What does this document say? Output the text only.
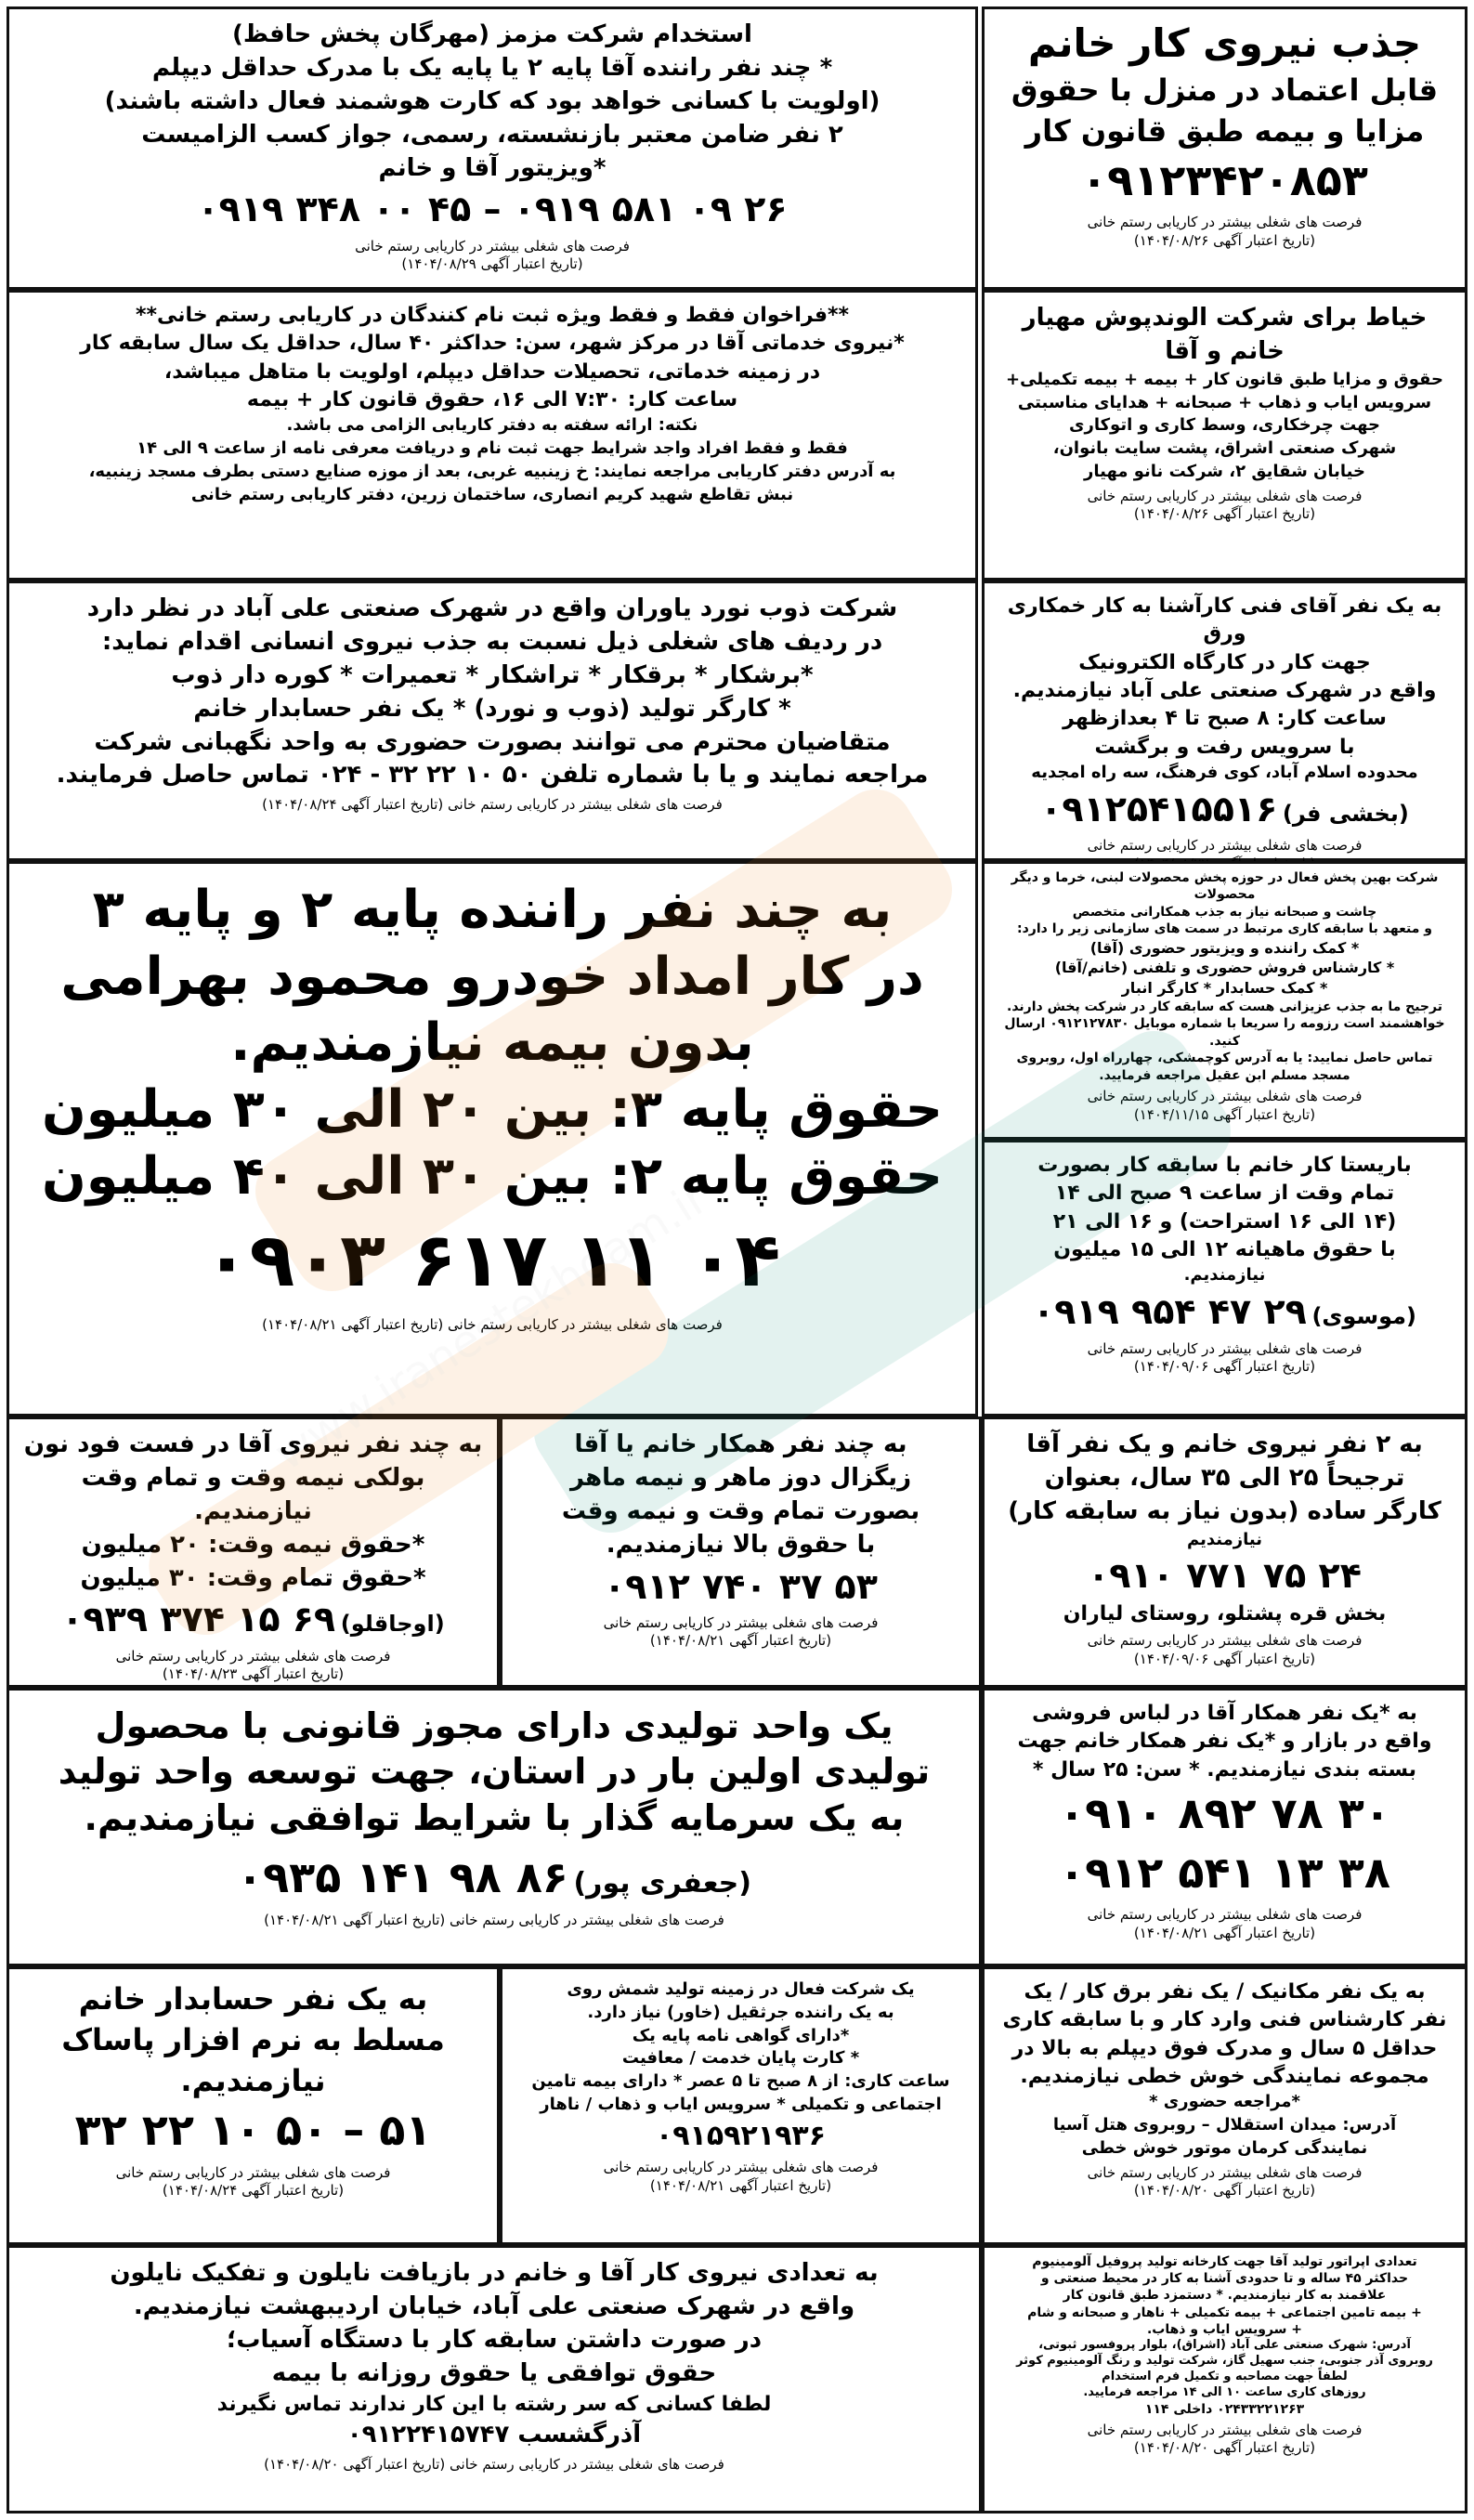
جذب نیروی کار خانم

قابل اعتماد در منزل با حقوق

مزایا و بیمه طبق قانون کار

۰۹۱۲۳۴۲۰۸۵۳

فرصت های شغلی بیشتر در کاریابی رستم خانی
(تاریخ اعتبار آگهی ۱۴۰۴/۰۸/۲۶)

استخدام شرکت مزمز (مهرگان پخش حافظ)

* چند نفر راننده آقا پایه ۲ یا پایه یک با مدرک حداقل دیپلم

(اولویت با کسانی خواهد بود که کارت هوشمند فعال داشته باشند)

۲ نفر ضامن معتبر بازنشسته، رسمی، جواز کسب الزامیست

*ویزیتور آقا و خانم

۰۹۱۹ ۳۴۸ ۰۰ ۴۵ – ۰۹۱۹ ۵۸۱ ۰۹ ۲۶

فرصت های شغلی بیشتر در کاریابی رستم خانی
(تاریخ اعتبار آگهی ۱۴۰۴/۰۸/۲۹)

خیاط برای شرکت الوندپوش مهیار

خانم و آقا

حقوق و مزایا طبق قانون کار + بیمه + بیمه تکمیلی+

سرویس ایاب و ذهاب + صبحانه + هدایای مناسبتی

جهت چرخکاری، وسط کاری و اتوکاری

شهرک صنعتی اشراق، پشت سایت بانوان،

خیابان شقایق ۲، شرکت نانو مهیار

فرصت های شغلی بیشتر در کاریابی رستم خانی
(تاریخ اعتبار آگهی ۱۴۰۴/۰۸/۲۶)

**فراخوان فقط و فقط ویژه ثبت نام کنندگان در کاریابی رستم خانی**

*نیروی خدماتی آقا در مرکز شهر، سن: حداکثر ۴۰ سال، حداقل یک سال سابقه کار

در زمینه خدماتی، تحصیلات حداقل دیپلم، اولویت با متاهل میباشد،

ساعت کار: ۷:۳۰ الی ۱۶، حقوق قانون کار + بیمه

نکته: ارائه سفته به دفتر کاریابی الزامی می باشد.

فقط و فقط افراد واجد شرایط جهت ثبت نام و دریافت معرفی نامه از ساعت ۹ الی ۱۴

به آدرس دفتر کاریابی مراجعه نمایند: خ زینبیه غربی، بعد از موزه صنایع دستی بطرف مسجد زینبیه،

نبش تقاطع شهید کریم انصاری، ساختمان زرین، دفتر کاریابی رستم خانی

به یک نفر آقای فنی کارآشنا به کار خمکاری ورق

جهت کار در کارگاه الکترونیک

واقع در شهرک صنعتی علی آباد نیازمندیم.

ساعت کار: ۸ صبح تا ۴ بعدازظهر

با سرویس رفت و برگشت

محدوده اسلام آباد، کوی فرهنگ، سه راه امجدیه

(بخشی فر) ۰۹۱۲۵۴۱۵۵۱۶

فرصت های شغلی بیشتر در کاریابی رستم خانی

شرکت ذوب نورد یاوران واقع در شهرک صنعتی علی آباد در نظر دارد

در ردیف های شغلی ذیل نسبت به جذب نیروی انسانی اقدام نماید:

*برشکار * برقکار * تراشکار * تعمیرات * کوره دار ذوب

* کارگر تولید (ذوب و نورد) * یک نفر حسابدار خانم

متقاضیان محترم می توانند بصورت حضوری به واحد نگهبانی شرکت

مراجعه نمایند و یا با شماره تلفن ۵۰ ۱۰ ۲۲ ۳۲ - ۰۲۴ تماس حاصل فرمایند.

فرصت های شغلی بیشتر در کاریابی رستم خانی (تاریخ اعتبار آگهی ۱۴۰۴/۰۸/۲۴)

شرکت بهین پخش فعال در حوزه پخش محصولات لبنی، خرما و دیگر محصولات

چاشت و صبحانه نیاز به جذب همکارانی متخصص

و متعهد با سابقه کاری مرتبط در سمت های سازمانی زیر را دارد:

* کمک راننده و ویزیتور حضوری (آقا)

* کارشناس فروش حضوری و تلفنی (خانم/آقا)

* کمک حسابدار * کارگر انبار

ترجیح ما به جذب عزیزانی هست که سابقه کار در شرکت پخش دارند.

خواهشمند است رزومه را سریعا با شماره موبایل ۰۹۱۲۱۲۷۸۳۰ ارسال کنید.

تماس حاصل نمایید: یا به آدرس کوچمشکی، چهارراه اول، روبروی

مسجد مسلم ابن عقیل مراجعه فرمایید.

فرصت های شغلی بیشتر در کاریابی رستم خانی
(تاریخ اعتبار آگهی ۱۴۰۴/۱۱/۱۵)

به چند نفر راننده پایه ۲ و پایه ۳

در کار امداد خودرو محمود بهرامی

بدون بیمه نیازمندیم.

حقوق پایه ۳: بین ۲۰ الی ۳۰ میلیون

حقوق پایه ۲: بین ۳۰ الی ۴۰ میلیون

۰۹۰۳ ۶۱۷ ۱۱ ۰۴

فرصت های شغلی بیشتر در کاریابی رستم خانی (تاریخ اعتبار آگهی ۱۴۰۴/۰۸/۲۱)

باریستا کار خانم با سابقه کار بصورت

تمام وقت از ساعت ۹ صبح الی ۱۴

(۱۴ الی ۱۶ استراحت) و ۱۶ الی ۲۱

با حقوق ماهیانه ۱۲ الی ۱۵ میلیون

نیازمندیم.

(موسوی) ۰۹۱۹ ۹۵۴ ۴۷ ۲۹

فرصت های شغلی بیشتر در کاریابی رستم خانی
(تاریخ اعتبار آگهی ۱۴۰۴/۰۹/۰۶)

به ۲ نفر نیروی خانم و یک نفر آقا

ترجیحاً ۲۵ الی ۳۵ سال، بعنوان

کارگر ساده (بدون نیاز به سابقه کار)

نیازمندیم

۰۹۱۰ ۷۷۱ ۷۵ ۲۴

بخش قره پشتلو، روستای لیاران

فرصت های شغلی بیشتر در کاریابی رستم خانی
(تاریخ اعتبار آگهی ۱۴۰۴/۰۹/۰۶)

به چند نفر همکار خانم یا آقا

زیگزال دوز ماهر و نیمه ماهر

بصورت تمام وقت و نیمه وقت

با حقوق بالا نیازمندیم.

۰۹۱۲ ۷۴۰ ۳۷ ۵۳

فرصت های شغلی بیشتر در کاریابی رستم خانی
(تاریخ اعتبار آگهی ۱۴۰۴/۰۸/۲۱)

به چند نفر نیروی آقا در فست فود نون

بولکی نیمه وقت و تمام وقت نیازمندیم.

*حقوق نیمه وقت: ۲۰ میلیون

*حقوق تمام وقت: ۳۰ میلیون

(اوجاقلو) ۰۹۳۹ ۳۷۴ ۱۵ ۶۹

فرصت های شغلی بیشتر در کاریابی رستم خانی
(تاریخ اعتبار آگهی ۱۴۰۴/۰۸/۲۳)

به *یک نفر همکار آقا در لباس فروشی

واقع در بازار و *یک نفر همکار خانم جهت

بسته بندی نیازمندیم. * سن: ۲۵ سال *

۰۹۱۰ ۸۹۲ ۷۸ ۳۰

۰۹۱۲ ۵۴۱ ۱۳ ۳۸

فرصت های شغلی بیشتر در کاریابی رستم خانی
(تاریخ اعتبار آگهی ۱۴۰۴/۰۸/۲۱)

یک واحد تولیدی دارای مجوز قانونی با محصول

تولیدی اولین بار در استان، جهت توسعه واحد تولید

به یک سرمایه گذار با شرایط توافقی نیازمندیم.

(جعفری پور) ۰۹۳۵ ۱۴۱ ۹۸ ۸۶

فرصت های شغلی بیشتر در کاریابی رستم خانی (تاریخ اعتبار آگهی ۱۴۰۴/۰۸/۲۱)

به یک نفر مکانیک / یک نفر برق کار / یک

نفر کارشناس فنی وارد کار و با سابقه کاری

حداقل ۵ سال و مدرک فوق دیپلم به بالا در

مجموعه نمایندگی خوش خطی نیازمندیم.

*مراجعه حضوری *

آدرس: میدان استقلال – روبروی هتل آسیا

نمایندگی کرمان موتور خوش خطی

فرصت های شغلی بیشتر در کاریابی رستم خانی
(تاریخ اعتبار آگهی ۱۴۰۴/۰۸/۲۰)

یک شرکت فعال در زمینه تولید شمش روی

به یک راننده جرثقیل (خاور) نیاز دارد.

*دارای گواهی نامه پایه یک

* کارت پایان خدمت / معافیت

ساعت کاری: از ۸ صبح تا ۵ عصر * دارای بیمه تامین

اجتماعی و تکمیلی * سرویس ایاب و ذهاب / ناهار

۰۹۱۵۹۲۱۹۳۶

فرصت های شغلی بیشتر در کاریابی رستم خانی
(تاریخ اعتبار آگهی ۱۴۰۴/۰۸/۲۱)

به یک نفر حسابدار خانم

مسلط به نرم افزار پاساک

نیازمندیم.

۳۲ ۲۲ ۱۰ ۵۰ – ۵۱

فرصت های شغلی بیشتر در کاریابی رستم خانی
(تاریخ اعتبار آگهی ۱۴۰۴/۰۸/۲۴)

تعدادی اپراتور تولید آقا جهت کارخانه تولید پروفیل آلومینیوم

حداکثر ۴۵ ساله و تا حدودی آشنا به کار در محیط صنعتی و

علاقمند به کار نیازمندیم. * دستمزد طبق قانون کار

+ بیمه تامین اجتماعی + بیمه تکمیلی + ناهار و صبحانه و شام

+ سرویس ایاب و ذهاب.

آدرس: شهرک صنعتی علی آباد (اشراق)، بلوار پروفسور ثبوتی،

روبروی آذر جنوبی، جنب سهیل گاز، شرکت تولید و رنگ آلومینیوم کوثر

لطفاً جهت مصاحبه و تکمیل فرم استخدام

روزهای کاری ساعت ۱۰ الی ۱۴ مراجعه فرمایید.

۰۲۴۳۳۲۲۱۲۶۳ داخلی ۱۱۴

فرصت های شغلی بیشتر در کاریابی رستم خانی
(تاریخ اعتبار آگهی ۱۴۰۴/۰۸/۲۰)

به تعدادی نیروی کار آقا و خانم در بازیافت نایلون و تفکیک نایلون

واقع در شهرک صنعتی علی آباد، خیابان اردیبهشت نیازمندیم.

در صورت داشتن سابقه کار با دستگاه آسیاب؛

حقوق توافقی یا حقوق روزانه با بیمه

لطفا کسانی که سر رشته با این کار ندارند تماس نگیرند

آذرگشسب ۰۹۱۲۲۴۱۵۷۴۷

فرصت های شغلی بیشتر در کاریابی رستم خانی (تاریخ اعتبار آگهی ۱۴۰۴/۰۸/۲۰)
